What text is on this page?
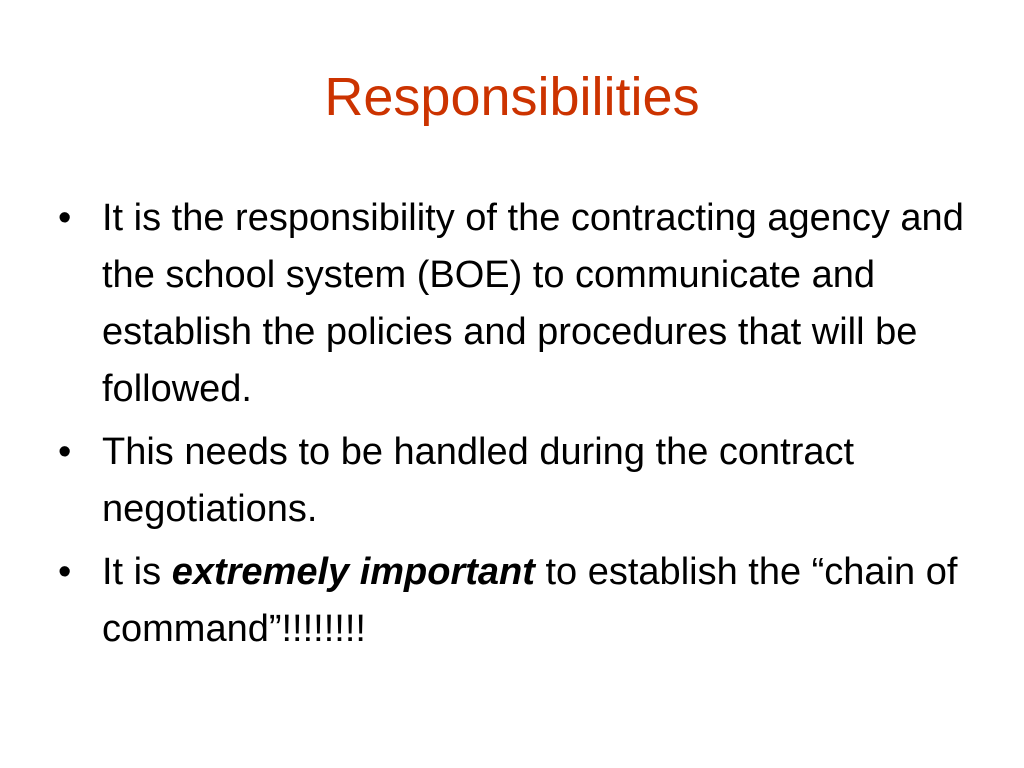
Responsibilities
• It is the responsibility of the contracting agency and the school system (BOE) to communicate and establish the policies and procedures that will be followed.
• This needs to be handled during the contract negotiations.
• It is extremely important to establish the “chain of command”!!!!!!!!
